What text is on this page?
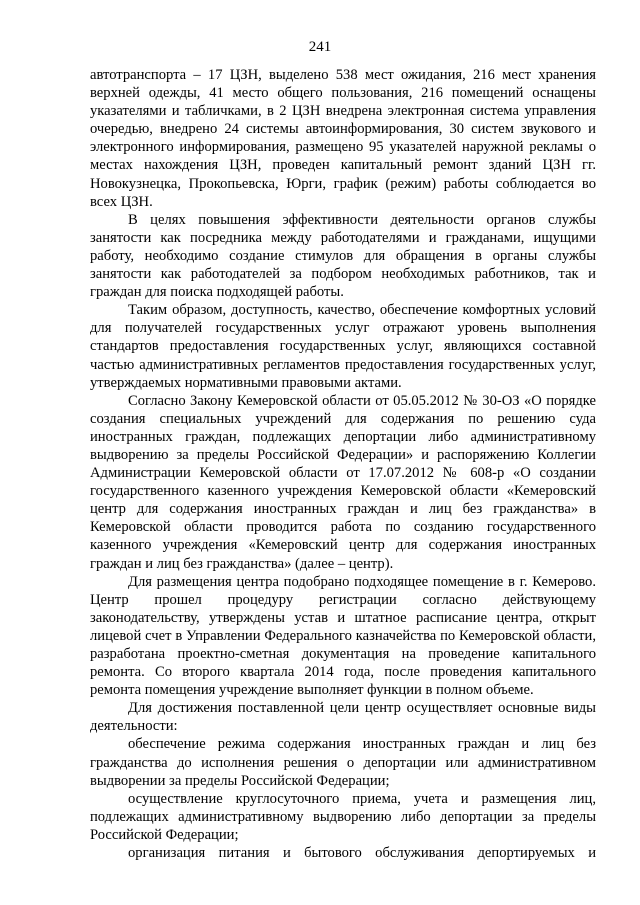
241

автотранспорта – 17 ЦЗН, выделено 538 мест ожидания, 216 мест хранения верхней одежды, 41 место общего пользования, 216 помещений оснащены указателями и табличками, в 2 ЦЗН внедрена электронная система управления очередью, внедрено 24 системы автоинформирования, 30 систем звукового и электронного информирования, размещено 95 указателей наружной рекламы о местах нахождения ЦЗН, проведен капитальный ремонт зданий ЦЗН гг. Новокузнецка, Прокопьевска, Юрги, график (режим) работы соблюдается во всех ЦЗН.

В целях повышения эффективности деятельности органов службы занятости как посредника между работодателями и гражданами, ищущими работу, необходимо создание стимулов для обращения в органы службы занятости как работодателей за подбором необходимых работников, так и граждан для поиска подходящей работы.

Таким образом, доступность, качество, обеспечение комфортных условий для получателей государственных услуг отражают уровень выполнения стандартов предоставления государственных услуг, являющихся составной частью административных регламентов предоставления государственных услуг, утверждаемых нормативными правовыми актами.

Согласно Закону Кемеровской области от 05.05.2012 № 30-ОЗ «О порядке создания специальных учреждений для содержания по решению суда иностранных граждан, подлежащих депортации либо административному выдворению за пределы Российской Федерации» и распоряжению Коллегии Администрации Кемеровской области от 17.07.2012 № 608-р «О создании государственного казенного учреждения Кемеровской области «Кемеровский центр для содержания иностранных граждан и лиц без гражданства» в Кемеровской области проводится работа по созданию государственного казенного учреждения «Кемеровский центр для содержания иностранных граждан и лиц без гражданства» (далее – центр).

Для размещения центра подобрано подходящее помещение в г. Кемерово. Центр прошел процедуру регистрации согласно действующему законодательству, утверждены устав и штатное расписание центра, открыт лицевой счет в Управлении Федерального казначейства по Кемеровской области, разработана проектно-сметная документация на проведение капитального ремонта. Со второго квартала 2014 года, после проведения капитального ремонта помещения учреждение выполняет функции в полном объеме.

Для достижения поставленной цели центр осуществляет основные виды деятельности:

обеспечение режима содержания иностранных граждан и лиц без гражданства до исполнения решения о депортации или административном выдворении за пределы Российской Федерации;

осуществление круглосуточного приема, учета и размещения лиц, подлежащих административному выдворению либо депортации за пределы Российской Федерации;

организация питания и бытового обслуживания депортируемых и
